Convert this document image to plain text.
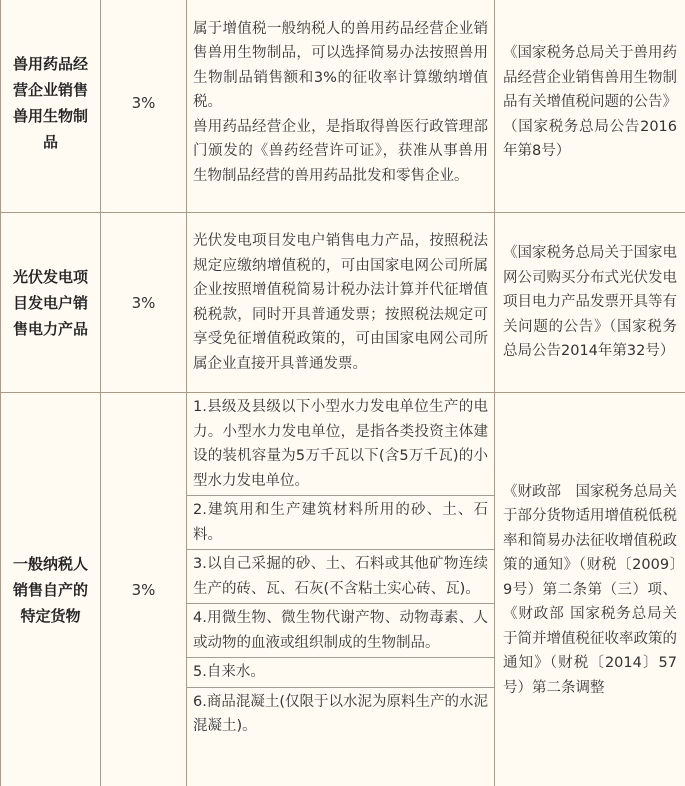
兽用药品经营企业销售兽用生物制品	3%	

属于增值税一般纳税人的兽用药品经营企业销售兽用生物制品，可以选择简易办法按照兽用生物制品销售额和3%的征收率计算缴纳增值税。

兽用药品经营企业，是指取得兽医行政管理部门颁发的《兽药经营许可证》，获准从事兽用生物制品经营的兽用药品批发和零售企业。

	《国家税务总局关于兽用药品经营企业销售兽用生物制品有关增值税问题的公告》（国家税务总局公告2016年第8号）
光伏发电项目发电户销售电力产品	3%	

光伏发电项目发电户销售电力产品，按照税法规定应缴纳增值税的，可由国家电网公司所属企业按照增值税简易计税办法计算并代征增值税税款，同时开具普通发票；按照税法规定可享受免征增值税政策的，可由国家电网公司所属企业直接开具普通发票。

	《国家税务总局关于国家电网公司购买分布式光伏发电项目电力产品发票开具等有关问题的公告》（国家税务总局公告2014年第32号）
一般纳税人销售自产的特定货物	3%	
1.县级及县级以下小型水力发电单位生产的电力。小型水力发电单位，是指各类投资主体建设的装机容量为5万千瓦以下(含5万千瓦)的小型水力发电单位。
2.建筑用和生产建筑材料所用的砂、土、石料。
3.以自己采掘的砂、土、石料或其他矿物连续生产的砖、瓦、石灰(不含粘土实心砖、瓦)。
4.用微生物、微生物代谢产物、动物毒素、人或动物的血液或组织制成的生物制品。
5.自来水。
6.商品混凝土(仅限于以水泥为原料生产的水泥混凝土)。
	《财政部　国家税务总局关于部分货物适用增值税低税率和简易办法征收增值税政策的通知》（财税〔2009〕9号）第二条第（三）项、《财政部 国家税务总局关于简并增值税征收率政策的通知》（财税〔2014〕57号）第二条调整
